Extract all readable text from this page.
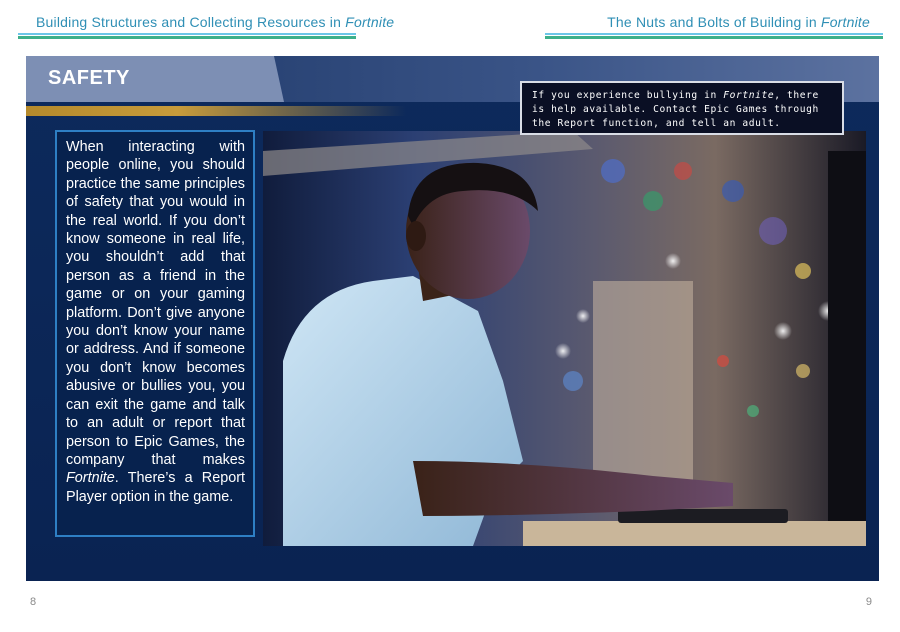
Building Structures and Collecting Resources in Fortnite	The Nuts and Bolts of Building in Fortnite
SAFETY

When interacting with people online, you should practice the same principles of safety that you would in the real world. If you don’t know someone in real life, you shouldn’t add that person as a friend in the game or on your gaming platform. Don’t give anyone you don’t know your name or address. And if someone you don’t know becomes abusive or bullies you, you can exit the game and talk to an adult or report that person to Epic Games, the company that makes Fortnite. There’s a Report Player option in the game.

If you experience bullying in Fortnite, there is help available. Contact Epic Games through the Report function, and tell an adult.

8	9
